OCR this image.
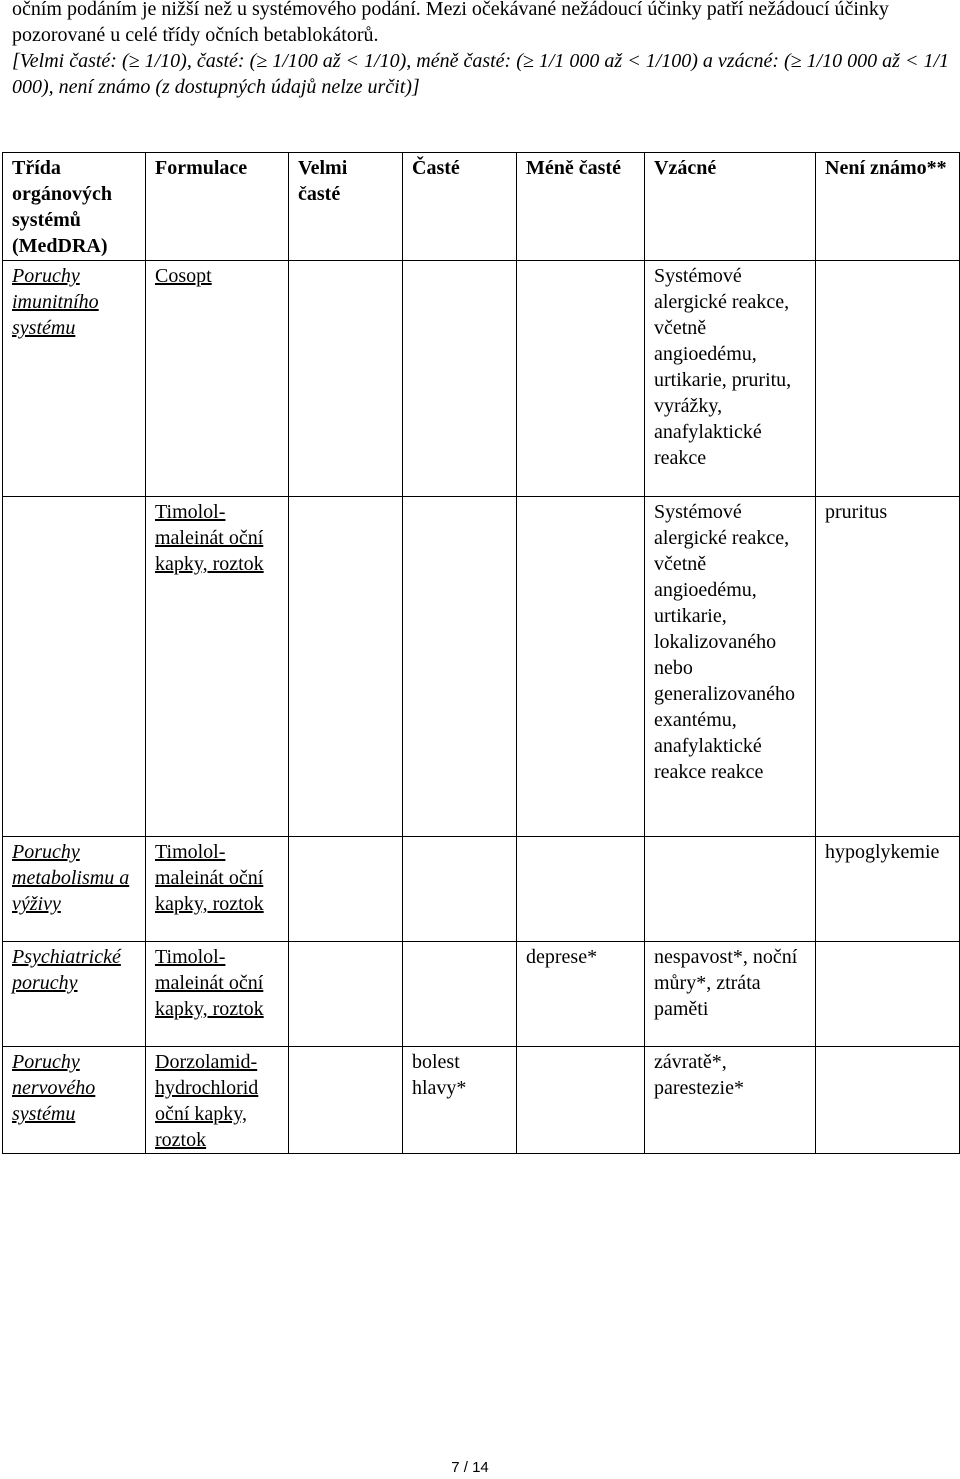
očním podáním je nižší než u systémového podání. Mezi očekávané nežádoucí účinky patří nežádoucí účinky pozorované u celé třídy očních betablokátorů.

[Velmi časté: (≥ 1/10), časté: (≥ 1/100 až < 1/10), méně časté: (≥ 1/1 000 až < 1/100) a vzácné: (≥ 1/10 000 až < 1/1 000), není známo (z dostupných údajů nelze určit)]

Třída orgánových systémů (MedDRA)	Formulace	Velmi časté	Časté	Méně časté	Vzácné	Není známo**
Poruchy imunitního systému	Cosopt				Systémové alergické reakce, včetně angioedému, urtikarie, pruritu, vyrážky, anafylaktické reakce	
	Timolol-maleinát oční kapky, roztok				Systémové alergické reakce, včetně angioedému, urtikarie, lokalizovaného nebo generalizovaného exantému, anafylaktické reakce reakce	pruritus
Poruchy metabolismu a výživy	Timolol-maleinát oční kapky, roztok					hypoglykemie
Psychiatrické poruchy	Timolol-maleinát oční kapky, roztok			deprese*	nespavost*, noční můry*, ztráta paměti	
Poruchy nervového systému	Dorzolamid-hydrochlorid oční kapky, roztok		bolest hlavy*		závratě*, parestezie*	
7 / 14
